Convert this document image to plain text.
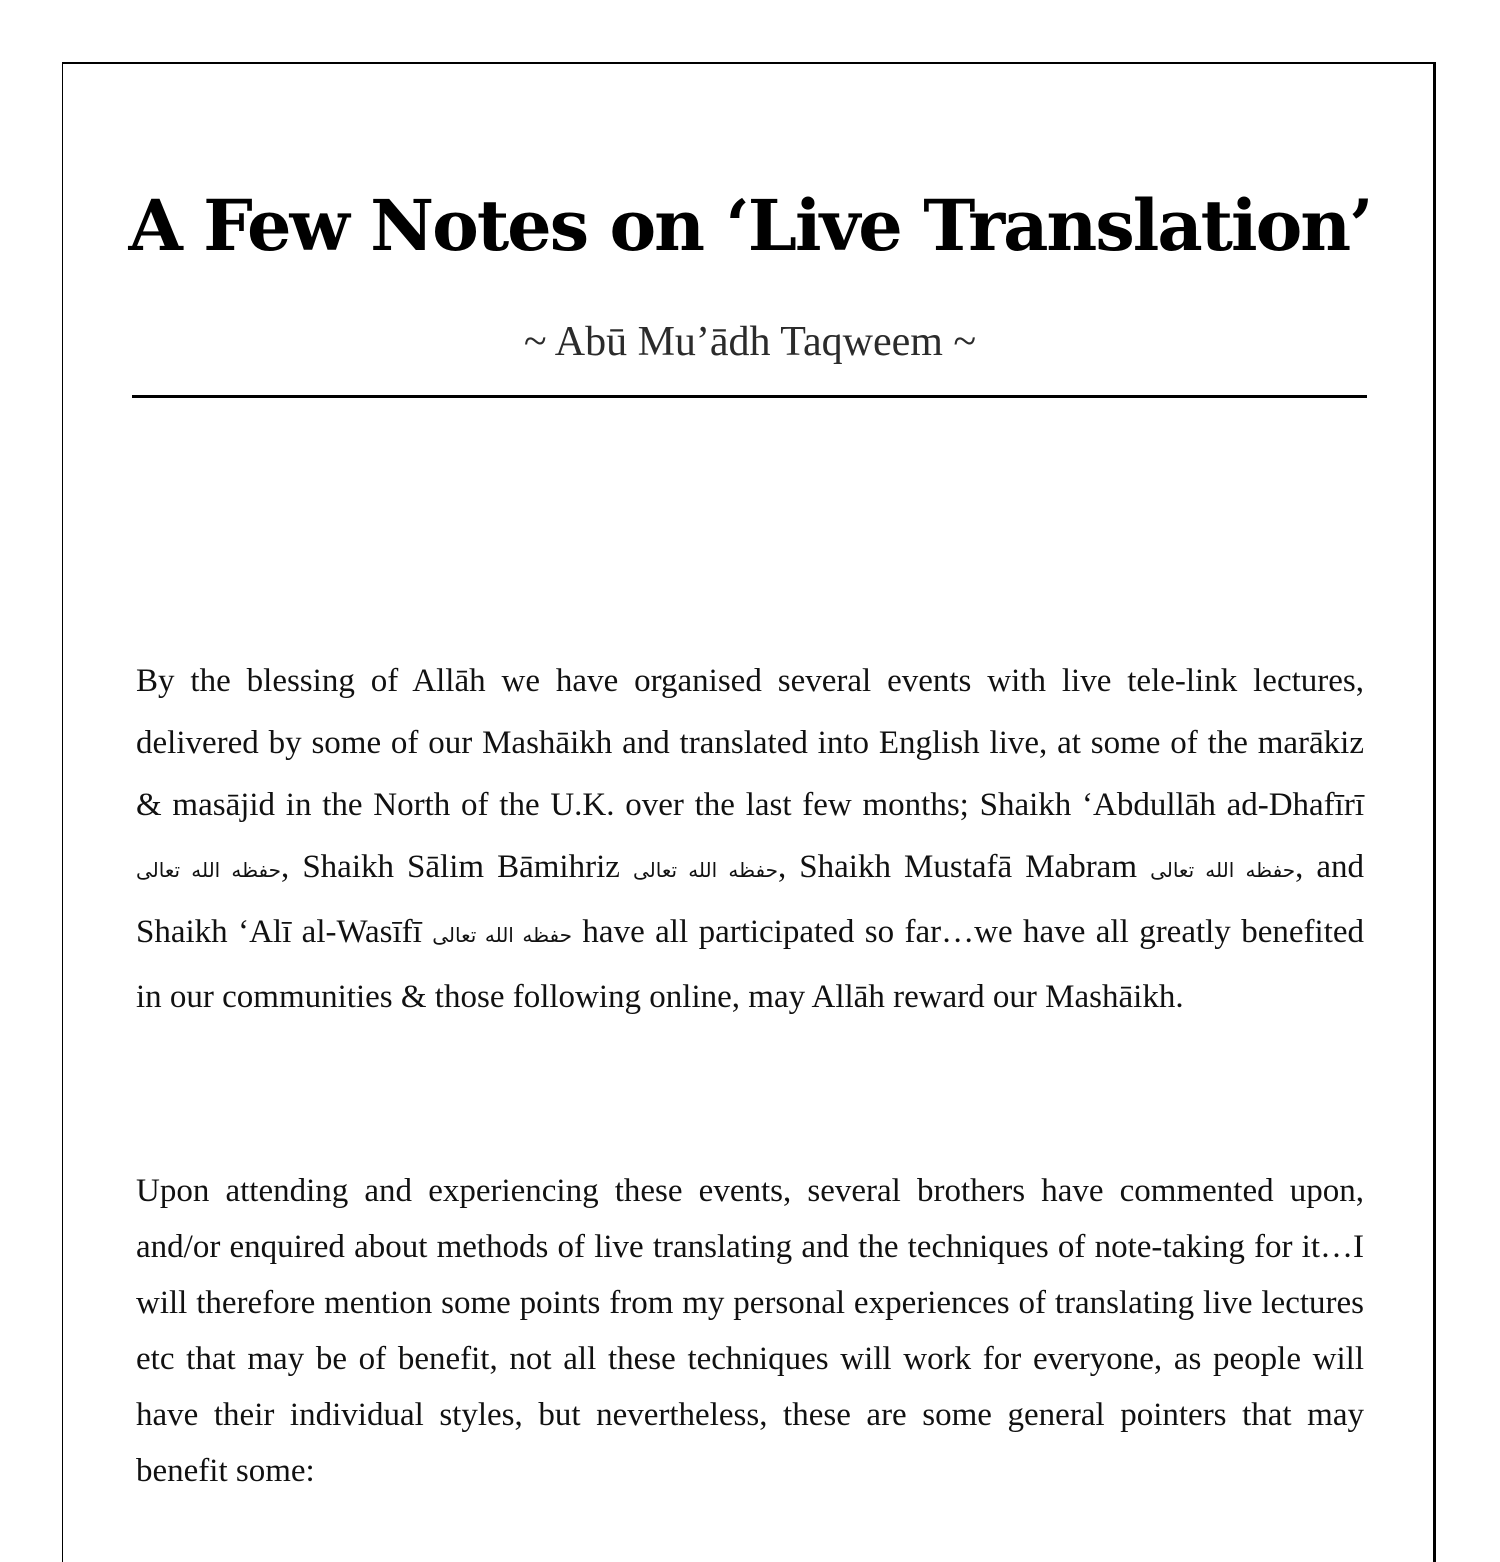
A Few Notes on ‘Live Translation’

~ Abū Mu’ādh Taqweem ~

By the blessing of Allāh we have organised several events with live tele-link lectures, delivered by some of our Mashāikh and translated into English live, at some of the marākiz & masājid in the North of the U.K. over the last few months; Shaikh ‘Abdullāh ad-Dhafīrī حفظه الله تعالى, Shaikh Sālim Bāmihriz حفظه الله تعالى, Shaikh Mustafā Mabram حفظه الله تعالى, and Shaikh ‘Alī al-Wasīfī حفظه الله تعالى have all participated so far…we have all greatly benefited in our communities & those following online, may Allāh reward our Mashāikh.

Upon attending and experiencing these events, several brothers have commented upon, and/or enquired about methods of live translating and the techniques of note-taking for it…I will therefore mention some points from my personal experiences of translating live lectures etc that may be of benefit, not all these techniques will work for everyone, as people will have their individual styles, but nevertheless, these are some general pointers that may benefit some:
